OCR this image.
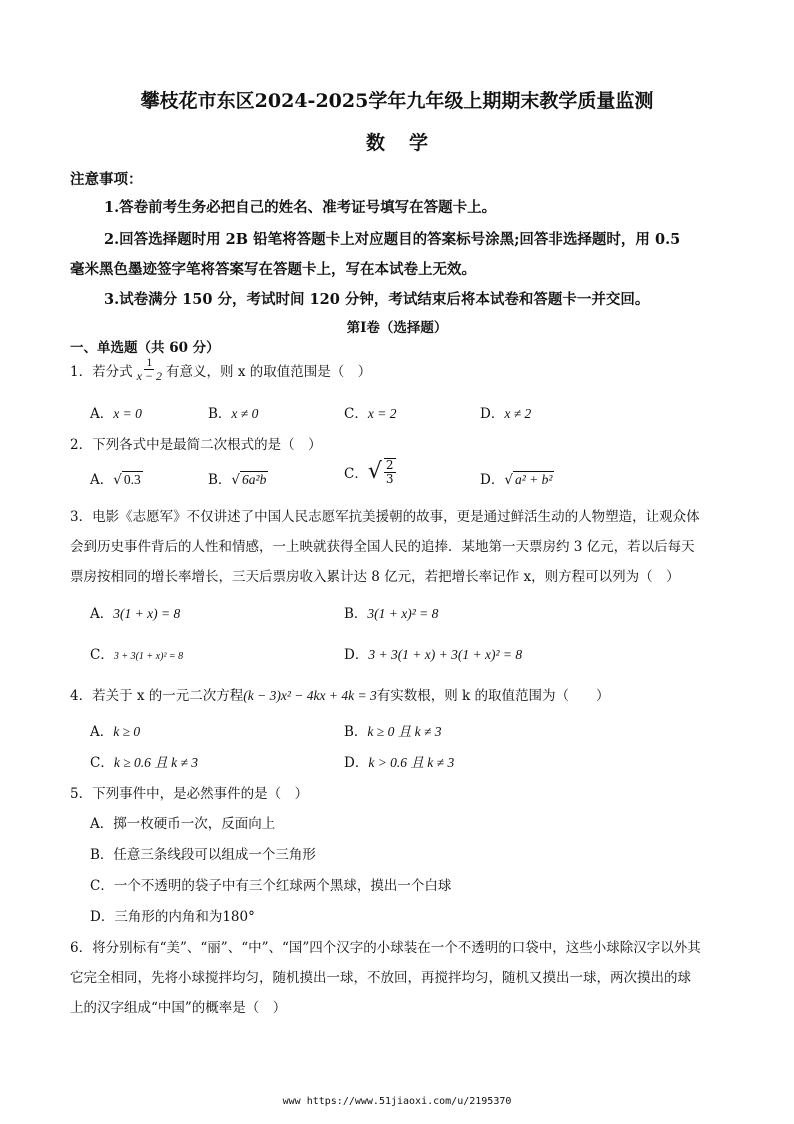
攀枝花市东区2024-2025学年九年级上期期末教学质量监测
数学
注意事项：
1.答卷前考生务必把自己的姓名、准考证号填写在答题卡上。
2.回答选择题时用 2B 铅笔将答题卡上对应题目的答案标号涂黑;回答非选择题时，用 0.5
毫米黑色墨迹签字笔将答案写在答题卡上，写在本试卷上无效。
3.试卷满分 150 分，考试时间 120 分钟，考试结束后将本试卷和答题卡一并交回。
第Ⅰ卷（选择题）
一、单选题（共 60 分）
1．若分式 $\frac{1}{x - 2}$ 有意义，则 x 的取值范围是（　）
A．x = 0	B．x ≠ 0	C．x = 2	D．x ≠ 2
2．下列各式中是最简二次根式的是（　）
A．√ 0.3	B．√ 6a²b	C． √ $\frac{2}{3}$	D．√ a² + b²
3．电影《志愿军》不仅讲述了中国人民志愿军抗美援朝的故事，更是通过鲜活生动的人物塑造，让观众体
会到历史事件背后的人性和情感，一上映就获得全国人民的追捧．某地第一天票房约 3 亿元，若以后每天
票房按相同的增长率增长，三天后票房收入累计达 8 亿元，若把增长率记作 x，则方程可以列为（　）
A．3(1 + x) = 8	B．3(1 + x)² = 8
C．3 + 3(1 + x)² = 8	D．3 + 3(1 + x) + 3(1 + x)² = 8
4．若关于 x 的一元二次方程(k − 3)x² − 4kx + 4k = 3有实数根，则 k 的取值范围为（　　）
A．k ≥ 0	B．k ≥ 0 且 k ≠ 3
C．k ≥ 0.6 且 k ≠ 3	D．k > 0.6 且 k ≠ 3
5．下列事件中，是必然事件的是（　）
A．掷一枚硬币一次，反面向上
B．任意三条线段可以组成一个三角形
C．一个不透明的袋子中有三个红球两个黑球，摸出一个白球
D．三角形的内角和为180°
6．将分别标有“美”、“丽”、“中”、“国”四个汉字的小球装在一个不透明的口袋中，这些小球除汉字以外其
它完全相同，先将小球搅拌均匀，随机摸出一球，不放回，再搅拌均匀，随机又摸出一球，两次摸出的球
上的汉字组成“中国”的概率是（　）
www https://www.51jiaoxi.com/u/2195370
